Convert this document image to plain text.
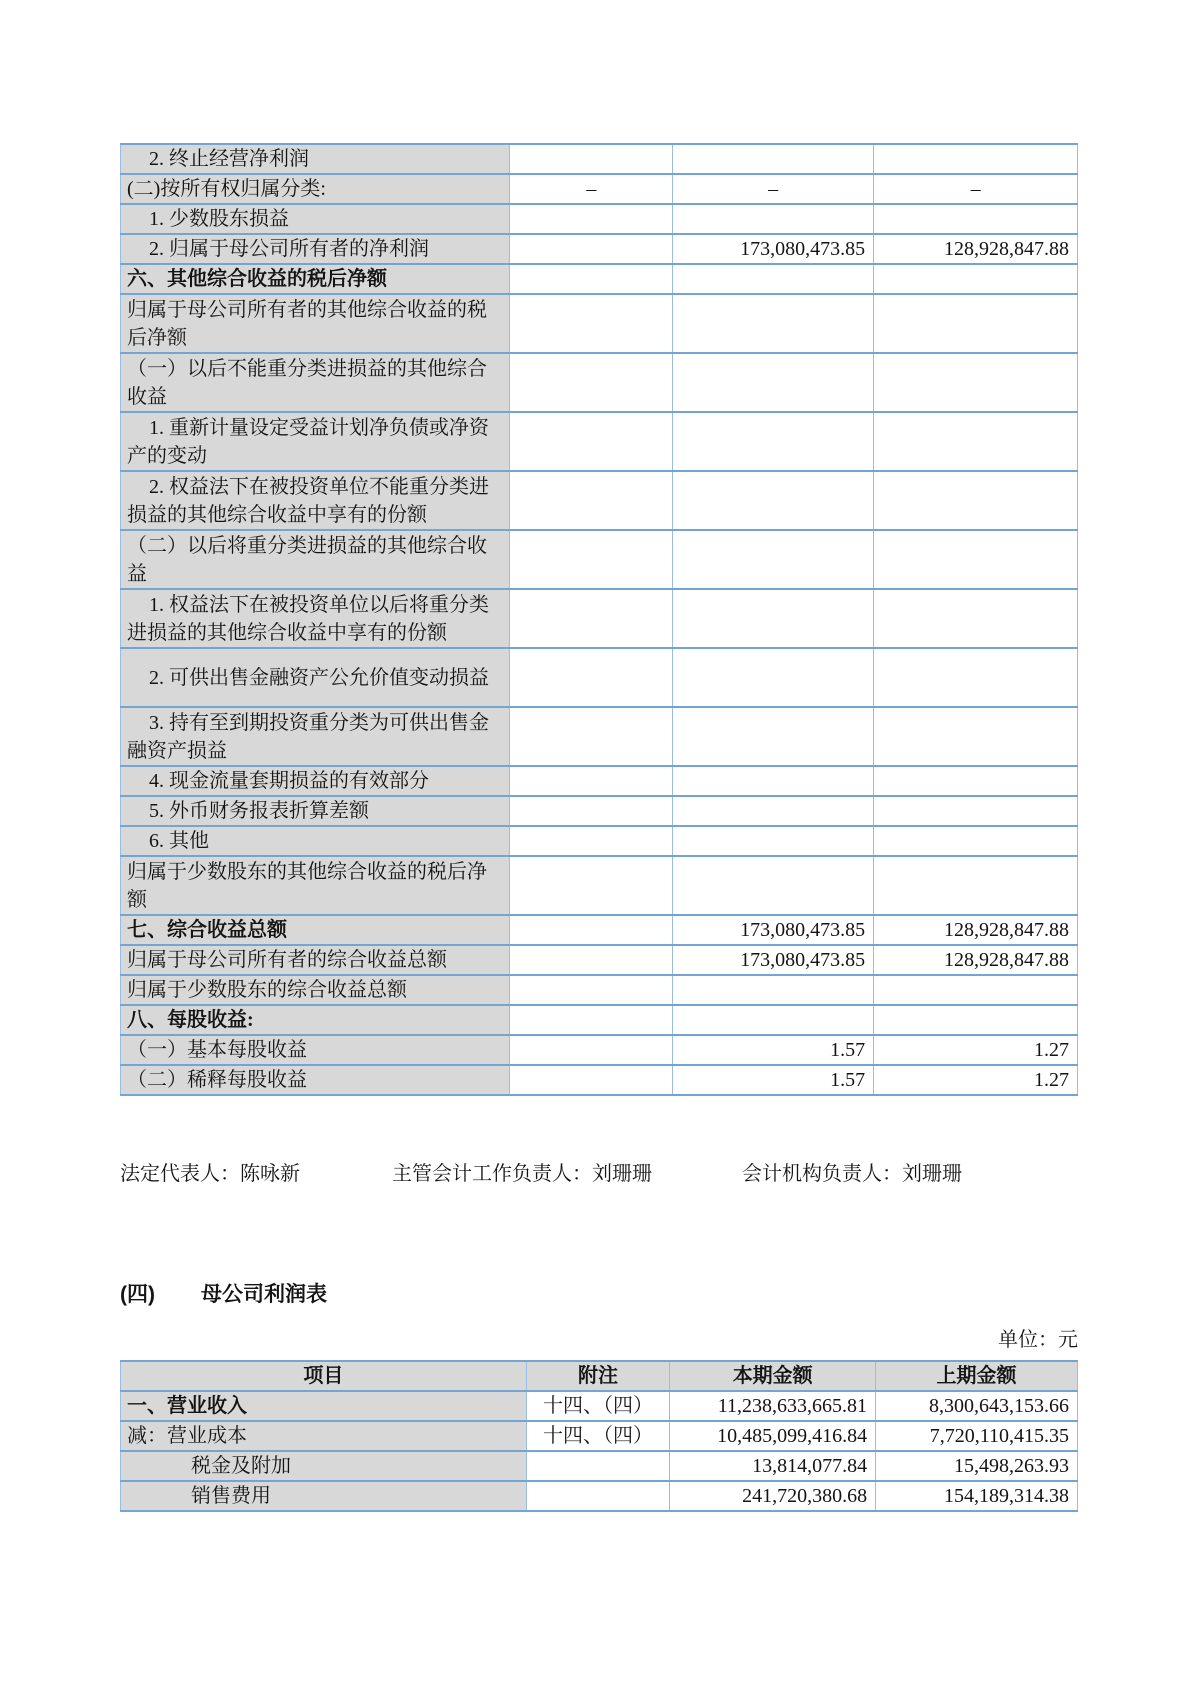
2. 终止经营净利润			
(二)按所有权归属分类:	–	–	–
1. 少数股东损益			
2. 归属于母公司所有者的净利润		173,080,473.85	128,928,847.88
六、其他综合收益的税后净额			
归属于母公司所有者的其他综合收益的税后净额			
（一）以后不能重分类进损益的其他综合收益			
1. 重新计量设定受益计划净负债或净资产的变动			
2. 权益法下在被投资单位不能重分类进损益的其他综合收益中享有的份额			
（二）以后将重分类进损益的其他综合收益			
1. 权益法下在被投资单位以后将重分类进损益的其他综合收益中享有的份额			
2. 可供出售金融资产公允价值变动损益			
3. 持有至到期投资重分类为可供出售金融资产损益			
4. 现金流量套期损益的有效部分			
5. 外币财务报表折算差额			
6. 其他			
归属于少数股东的其他综合收益的税后净额			
七、综合收益总额		173,080,473.85	128,928,847.88
归属于母公司所有者的综合收益总额		173,080,473.85	128,928,847.88
归属于少数股东的综合收益总额			
八、每股收益:			
（一）基本每股收益		1.57	1.27
（二）稀释每股收益		1.57	1.27
法定代表人：陈咏新	主管会计工作负责人：刘珊珊	会计机构负责人：刘珊珊
(四) 母公司利润表
单位：元
项目	附注	本期金额	上期金额
一、营业收入	十四、（四）	11,238,633,665.81	8,300,643,153.66
减：营业成本	十四、（四）	10,485,099,416.84	7,720,110,415.35
税金及附加		13,814,077.84	15,498,263.93
销售费用		241,720,380.68	154,189,314.38
